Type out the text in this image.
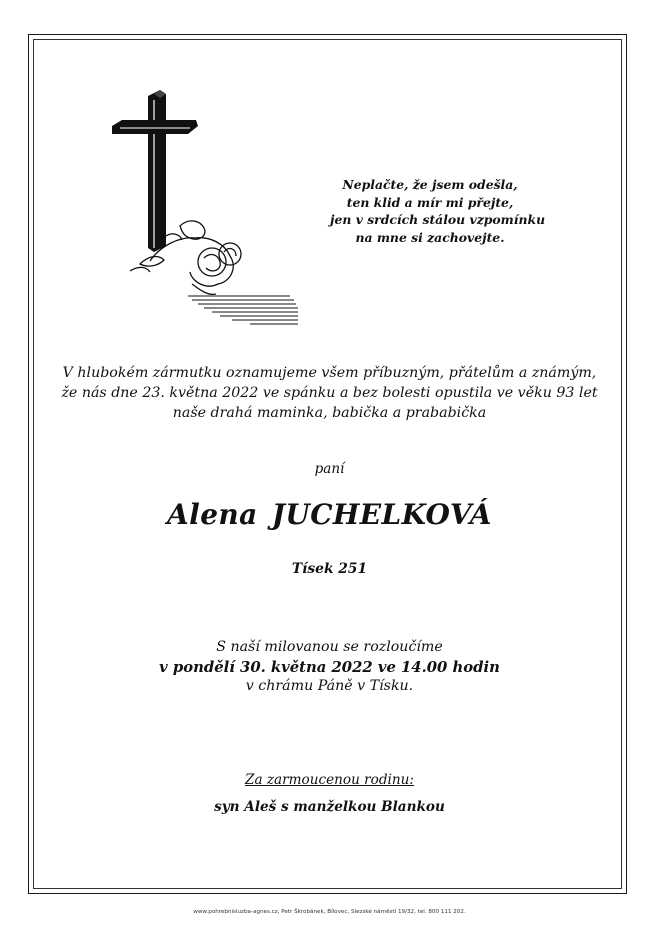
Neplačte, že jsem odešla,
ten klid a mír mi přejte,
jen v srdcích stálou vzpomínku
na mne si zachovejte.
V hlubokém zármutku oznamujeme všem příbuzným, přátelům a známým,
že nás dne 23. května 2022 ve spánku a bez bolesti opustila ve věku 93 let
naše drahá maminka, babička a prababička
paní
Alena JUCHELKOVÁ
Tísek 251
S naší milovanou se rozloučíme
v pondělí 30. května 2022 ve 14.00 hodin
v chrámu Páně v Tísku.
Za zarmoucenou rodinu:
syn Aleš s manželkou Blankou
www.pohrebnisluzba-agnes.cz, Petr Škrobánek, Bílovec, Slezské náměstí 19/32, tel. 800 111 202.
